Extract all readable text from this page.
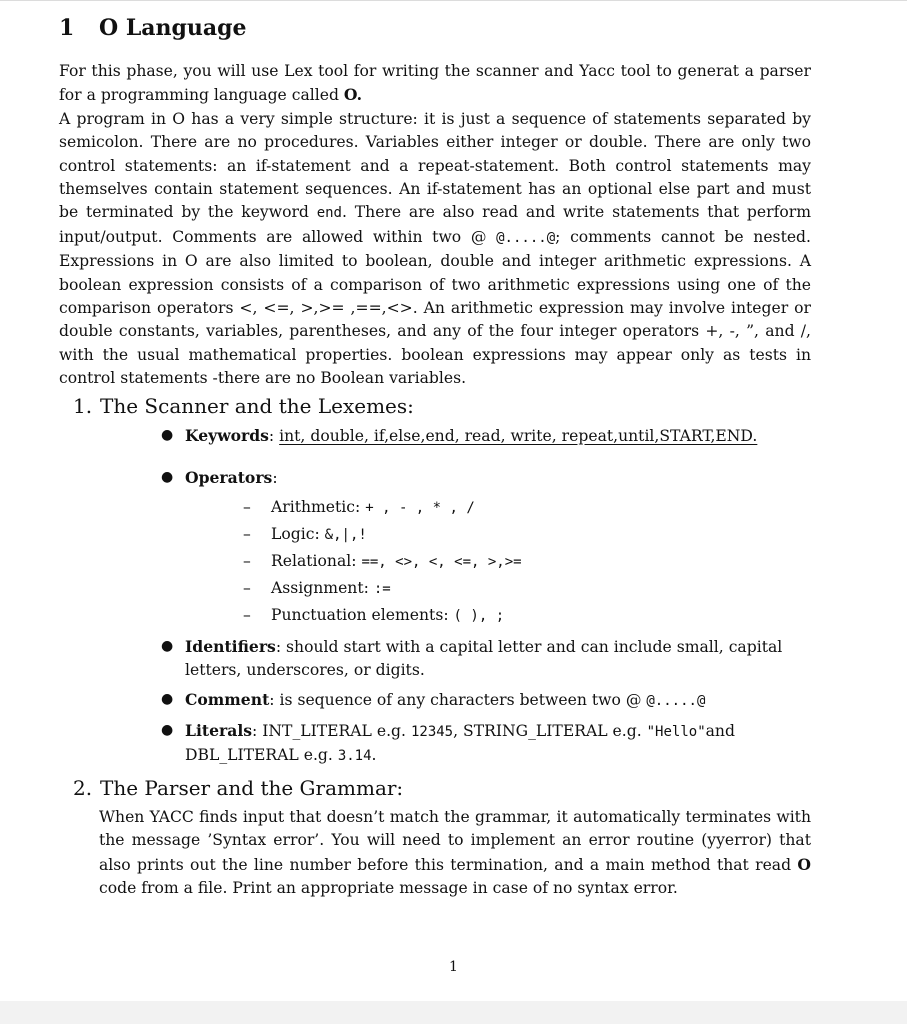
1 O Language

For this phase, you will use Lex tool for writing the scanner and Yacc tool to generat a parser for a programming language called O.

A program in O has a very simple structure: it is just a sequence of statements separated by semicolon. There are no procedures. Variables either integer or double. There are only two control statements: an if-statement and a repeat-statement. Both control statements may themselves contain statement sequences. An if-statement has an optional else part and must be terminated by the keyword end. There are also read and write statements that perform input/output. Comments are allowed within two @ @.....@; comments cannot be nested. Expressions in O are also limited to boolean, double and integer arithmetic expressions. A boolean expression consists of a comparison of two arithmetic expressions using one of the comparison operators <, <=, >,>= ,==,<>. An arithmetic expression may involve integer or double constants, variables, parentheses, and any of the four integer operators +, -, ”, and /, with the usual mathematical properties. boolean expressions may appear only as tests in control statements -there are no Boolean variables.

1. The Scanner and the Lexemes:
● Keywords: int, double, if,else,end, read, write, repeat,until,START,END.
● Operators:
– Arithmetic: + , - , * , /
– Logic: &,|,!
– Relational: ==, <>, <, <=, >,>=
– Assignment: :=
– Punctuation elements: ( ), ;
● Identifiers: should start with a capital letter and can include small, capital letters, underscores, or digits.
● Comment: is sequence of any characters between two @ @.....@
● Literals: INT_LITERAL e.g. 12345, STRING_LITERAL e.g. "Hello"and DBL_LITERAL e.g. 3.14.
2. The Parser and the Grammar:
When YACC finds input that doesn’t match the grammar, it automatically terminates with the message ’Syntax error’. You will need to implement an error routine (yyerror) that also prints out the line number before this termination, and a main method that read O code from a file. Print an appropriate message in case of no syntax error.
1
